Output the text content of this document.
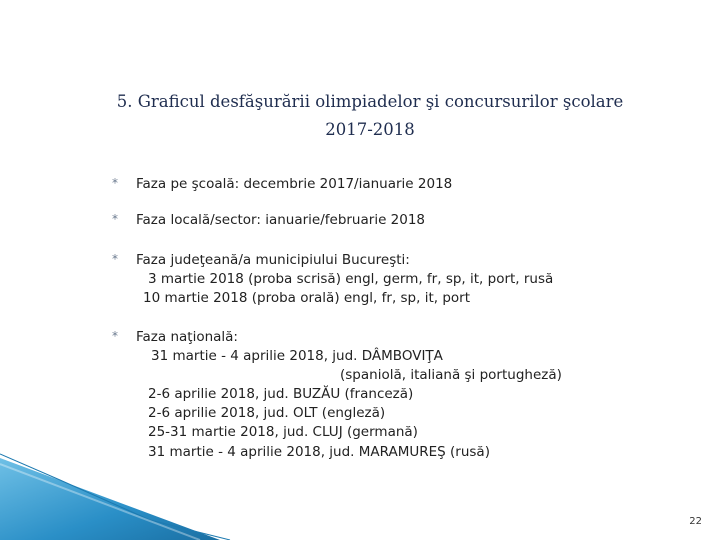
5. Graficul desfăşurării olimpiadelor şi concursurilor şcolare
2017-2018
* Faza pe şcoală: decembrie 2017/ianuarie 2018
* Faza locală/sector: ianuarie/februarie 2018
* Faza judeţeană/a municipiului Bucureşti:
3 martie 2018 (proba scrisă) engl, germ, fr, sp, it, port, rusă
10 martie 2018 (proba orală) engl, fr, sp, it, port
* Faza naţională:
31 martie - 4 aprilie 2018, jud. DÂMBOVIŢA
(spaniolă, italiană şi portugheză)
2-6 aprilie 2018, jud. BUZĂU (franceză)
2-6 aprilie 2018, jud. OLT (engleză)
25-31 martie 2018, jud. CLUJ (germană)
31 martie - 4 aprilie 2018, jud. MARAMUREŞ (rusă)
22
